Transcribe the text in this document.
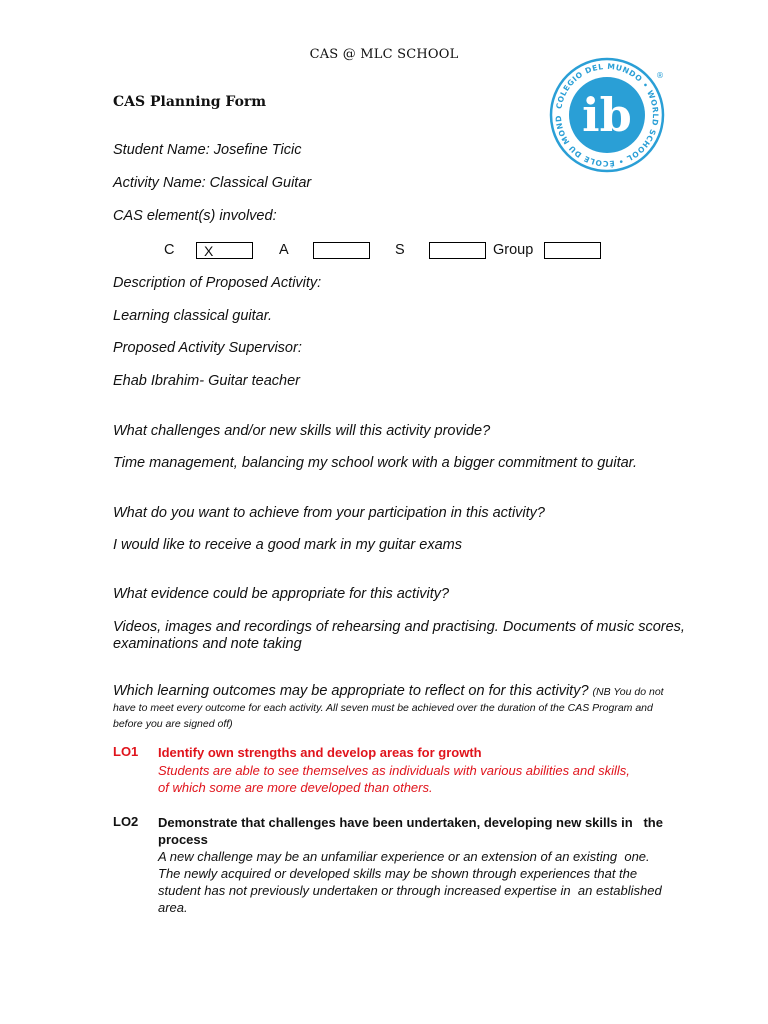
CAS @ MLC SCHOOL
COLEGIO DEL MUNDO • WORLD SCHOOL • ÉCOLE DU MOND ib
®
CAS Planning Form
Student Name: Josefine Ticic
Activity Name: Classical Guitar
CAS element(s) involved:
C	X	A	S	Group
Description of Proposed Activity:
Learning classical guitar.
Proposed Activity Supervisor:
Ehab Ibrahim- Guitar teacher
What challenges and/or new skills will this activity provide?
Time management, balancing my school work with a bigger commitment to guitar.
What do you want to achieve from your participation in this activity?
I would like to receive a good mark in my guitar exams
What evidence could be appropriate for this activity?
Videos, images and recordings of rehearsing and practising. Documents of music scores,
examinations and note taking
Which learning outcomes may be appropriate to reflect on for this activity? (NB You do not have to meet every outcome for each activity. All seven must be achieved over the duration of the CAS Program and before you are signed off)
LO1 Identify own strengths and develop areas for growth
Students are able to see themselves as individuals with various abilities and skills,
of which some are more developed than others.
LO2 Demonstrate that challenges have been undertaken, developing new skills in   the
process
A new challenge may be an unfamiliar experience or an extension of an existing  one.
The newly acquired or developed skills may be shown through experiences that the
student has not previously undertaken or through increased expertise in  an established
area.
